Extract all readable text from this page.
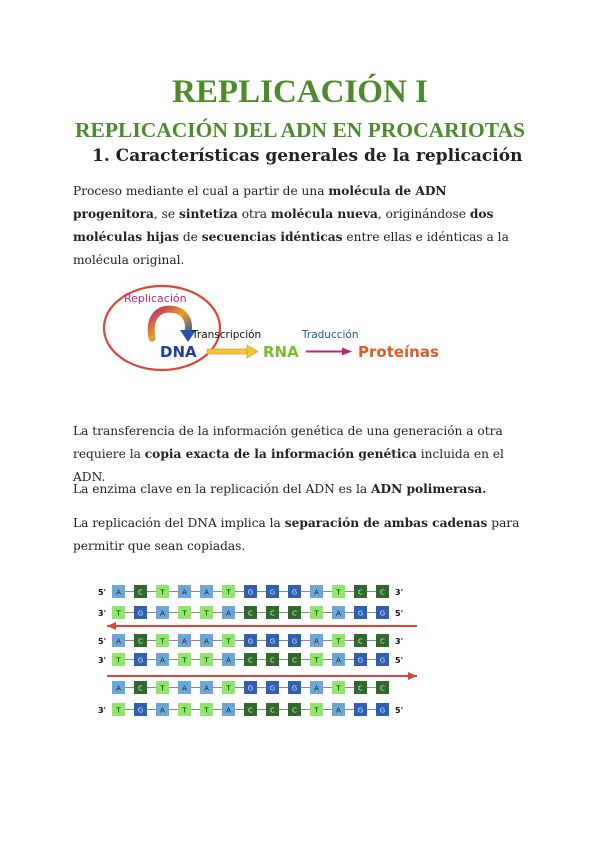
REPLICACIÓN I
REPLICACIÓN DEL ADN EN PROCARIOTAS
1. Características generales de la replicación

Proceso mediante el cual a partir de una molécula de ADN progenitora, se sintetiza otra molécula nueva, originándose dos moléculas hijas de secuencias idénticas entre ellas e idénticas a la molécula original.

Replicación
Transcripción	Traducción
DNA	RNA	Proteínas

La transferencia de la información genética de una generación a otra requiere la copia exacta de la información genética incluida en el ADN.

La enzima clave en la replicación del ADN es la ADN polimerasa.

La replicación del DNA implica la separación de ambas cadenas para permitir que sean copiadas.

5' A C T A A T G G G A T C C 3'
3' T G A T	T A C C C T A G G 5'
5' A C T A A T G G G A T C C 3'
3' T G A T	T A C C C T A G G 5'
A C T A A T G G G A T C C
3' T G A T	T A C C C T A G G 5'
